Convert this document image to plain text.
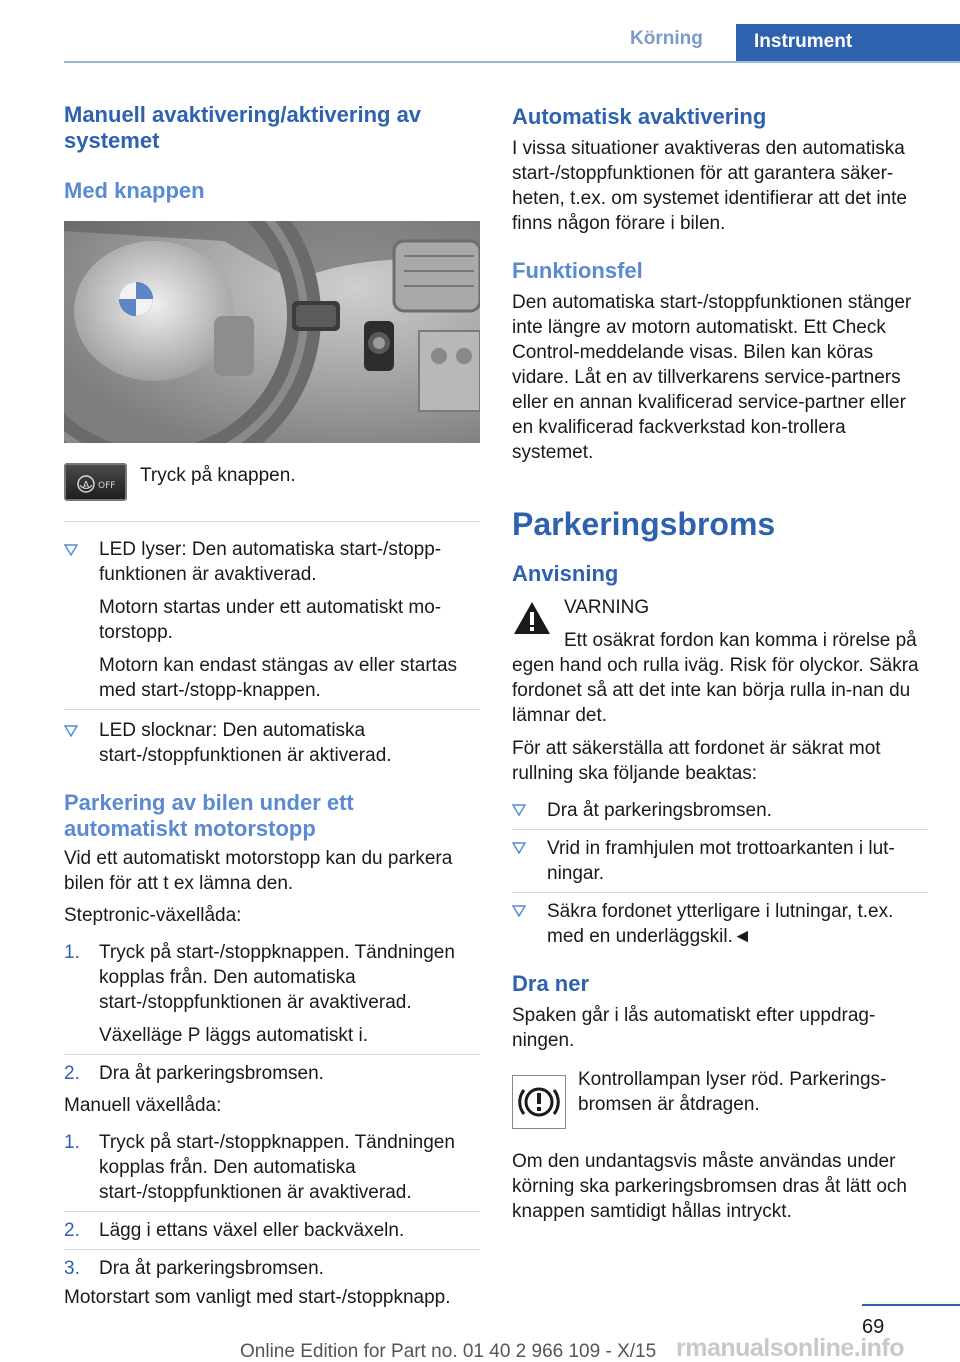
Körning	Instrument
Manuell avaktivering/aktivering av systemet
Med knappen
A OFF Tryck på knappen.

LED lyser: Den automatiska start-/stopp-funktionen är avaktiverad.

Motorn startas under ett automatiskt mo-torstopp.

Motorn kan endast stängas av eller startas med start-/stopp-knappen.

LED slocknar: Den automatiska start-/stoppfunktionen är aktiverad.

Parkering av bilen under ett automatiskt motorstopp

Vid ett automatiskt motorstopp kan du parkera bilen för att t ex lämna den.

Steptronic-växellåda:

1. Tryck på start-/stoppknappen. Tändningen kopplas från. Den automatiska start-/stoppfunktionen är avaktiverad.

Växelläge P läggs automatiskt i.

2. Dra åt parkeringsbromsen.

Manuell växellåda:

1. Tryck på start-/stoppknappen. Tändningen kopplas från. Den automatiska start-/stoppfunktionen är avaktiverad.

2. Lägg i ettans växel eller backväxeln.

3. Dra åt parkeringsbromsen.

Motorstart som vanligt med start-/stoppknapp.

Automatisk avaktivering

I vissa situationer avaktiveras den automatiska start-/stoppfunktionen för att garantera säker-heten, t.ex. om systemet identifierar att det inte finns någon förare i bilen.

Funktionsfel

Den automatiska start-/stoppfunktionen stänger inte längre av motorn automatiskt. Ett Check Control-meddelande visas. Bilen kan köras vidare. Låt en av tillverkarens service-partners eller en annan kvalificerad service-partner eller en kvalificerad fackverkstad kon-trollera systemet.

Parkeringsbroms
Anvisning

VARNING

Ett osäkrat fordon kan komma i rörelse på egen hand och rulla iväg. Risk för olyckor. Säkra fordonet så att det inte kan börja rulla in-nan du lämnar det.

För att säkerställa att fordonet är säkrat mot rullning ska följande beaktas:

Dra åt parkeringsbromsen.

Vrid in framhjulen mot trottoarkanten i lut-ningar.

Säkra fordonet ytterligare i lutningar, t.ex. med en underläggskil.◄

Dra ner

Spaken går i lås automatiskt efter uppdrag-ningen.

Kontrollampan lyser röd. Parkerings-bromsen är åtdragen.

Om den undantagsvis måste användas under körning ska parkeringsbromsen dras åt lätt och knappen samtidigt hållas intryckt.

69
Online Edition for Part no. 01 40 2 966 109 - X/15 rmanualsonline.info
